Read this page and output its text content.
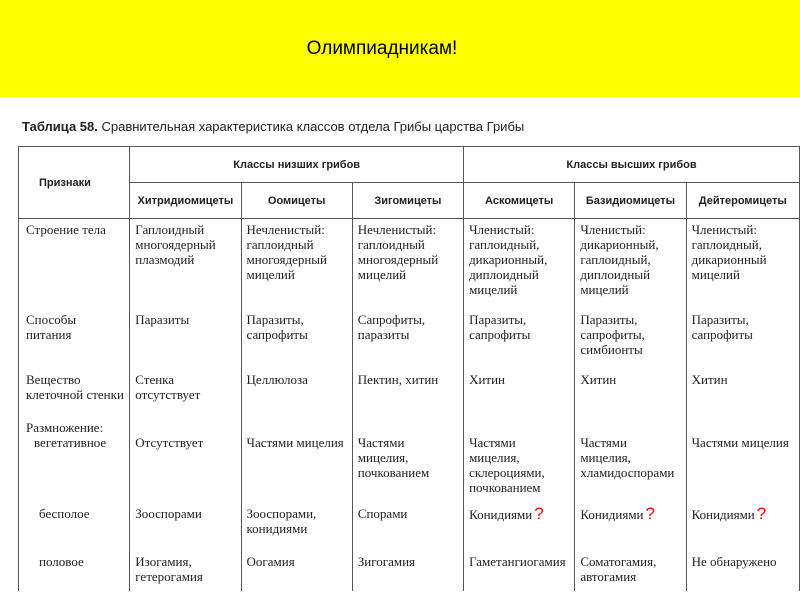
Олимпиадникам!
Таблица 58. Сравнительная характеристика классов отдела Грибы царства Грибы
Признаки	Классы низших грибов			Классы высших грибов		
	Хитридиомицеты	Оомицеты	Зигомицеты	Аскомицеты	Базидиомицеты	Дейтеромицеты
Строение тела	Гаплоидный многоядерный плазмодий	Нечленистый: гаплоидный многоядерный мицелий	Нечленистый: гаплоидный многоядерный мицелий	Членистый: гаплоидный, дикарионный, диплоидный мицелий	Членистый: дикарионный, гаплоидный, диплоидный мицелий	Членистый: гаплоидный, дикарионный мицелий
Способы питания	Паразиты	Паразиты, сапрофиты	Сапрофиты, паразиты	Паразиты, сапрофиты	Паразиты, сапрофиты, симбионты	Паразиты, сапрофиты
Вещество клеточной стенки	Стенка отсутствует	Целлюлоза	Пектин, хитин	Хитин	Хитин	Хитин

Размножение:
вегетативное	Отсутствует	Частями мицелия	Частями мицелия, почкованием	Частями мицелия, склероциями, почкованием	Частями мицелия, хламидоспорами	Частями мицелия
бесполое	Зооспорами	Зооспорами, конидиями	Спорами	Конидиями ?	Конидиями ?	Конидиями ?
половое	Изогамия, гетерогамия	Оогамия	Зигогамия	Гаметангиогамия	Соматогамия, автогамия	Не обнаружено
